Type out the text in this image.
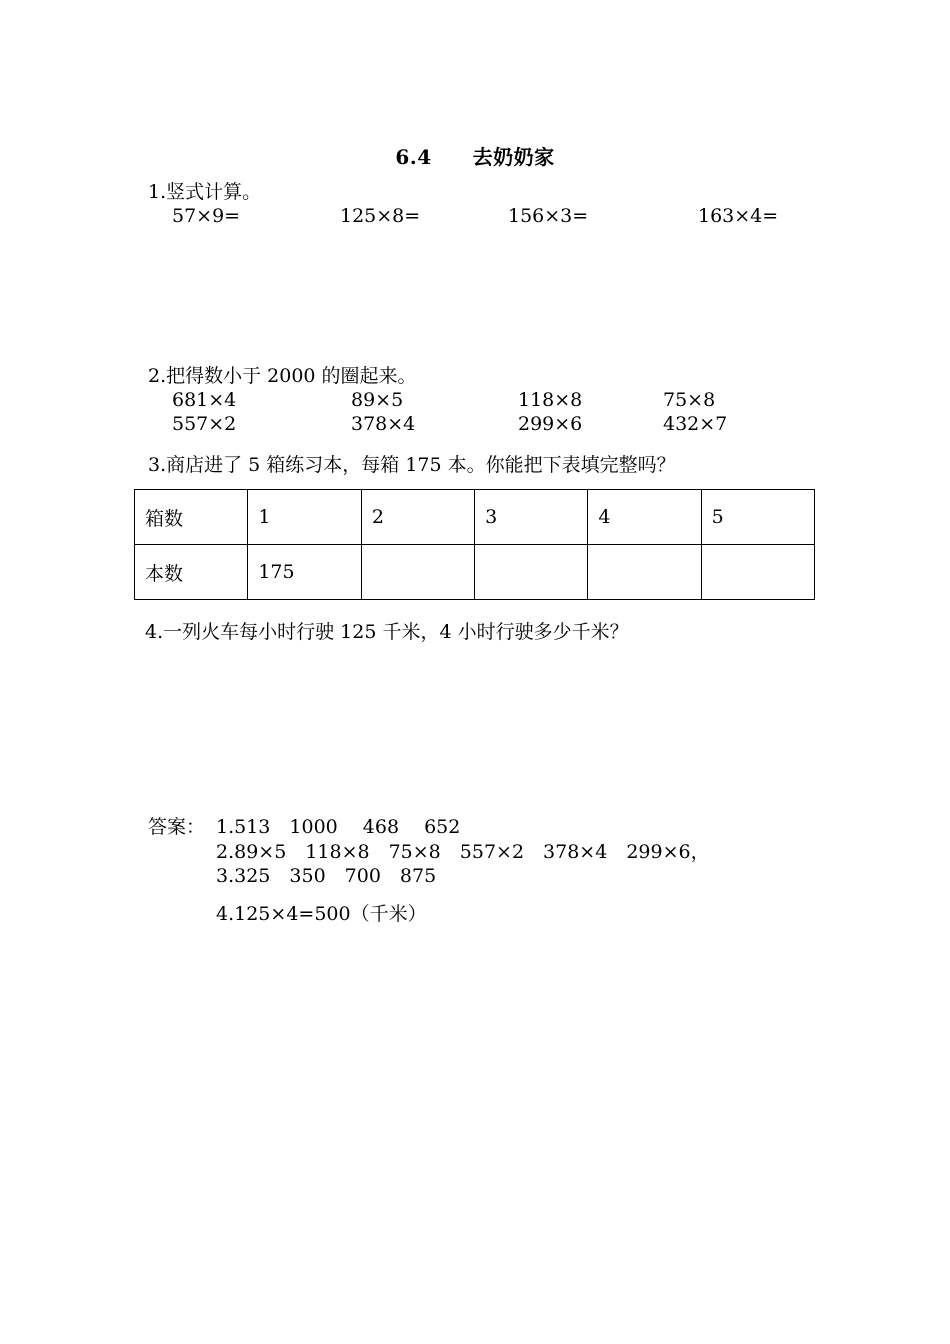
6.4　　去奶奶家
1.竖式计算。
57×9=	125×8=	156×3=	163×4=
2.把得数小于 2000 的圈起来。
681×4	89×5	118×8	75×8
557×2	378×4	299×6	432×7
3.商店进了 5 箱练习本，每箱 175 本。你能把下表填完整吗？
箱数	1	2	3	4	5
本数	175				
4.一列火车每小时行驶 125 千米，4 小时行驶多少千米？
答案： 1.513　1000　 468　 652
2.89×5　118×8　75×8　557×2　378×4　299×6，
3.325　350　700　875
4.125×4=500（千米）
